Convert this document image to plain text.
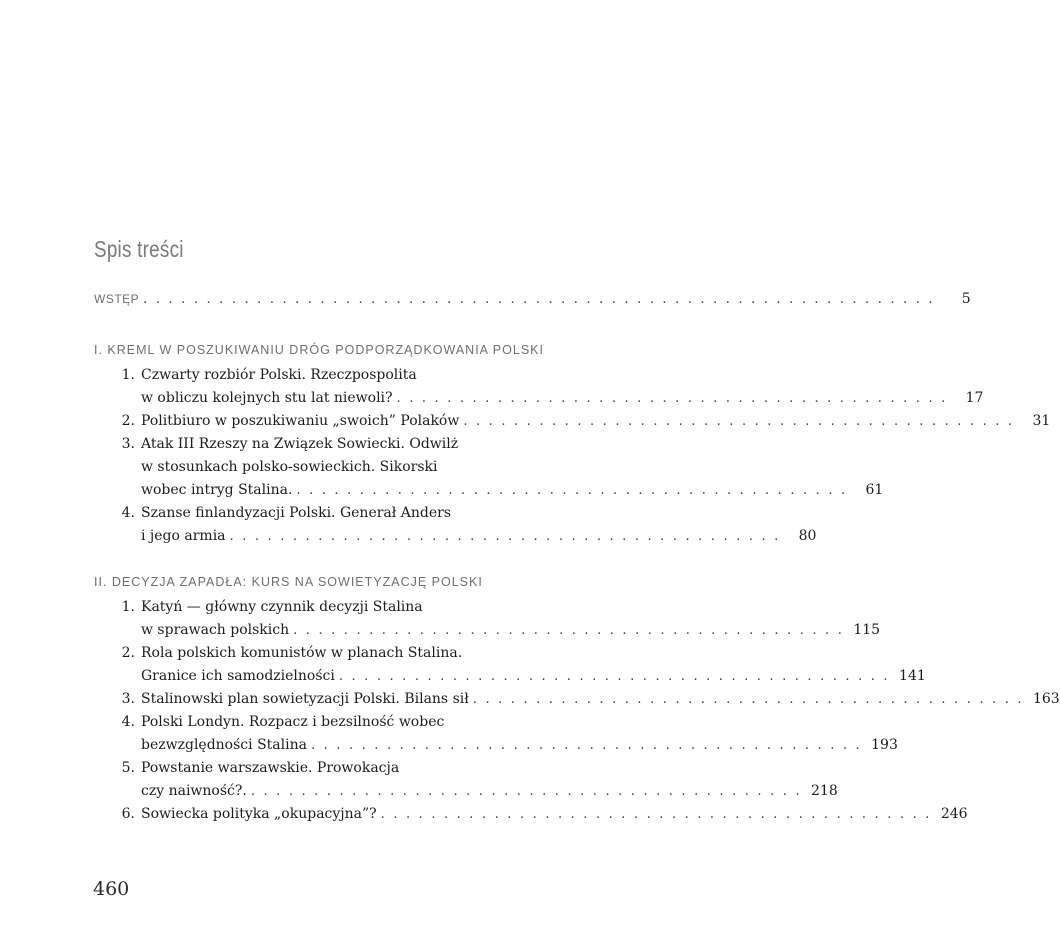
Spis treści
WSTĘP . . . . . . . . . . . . . . . . . . . . . . . . . . . . . . . . . . . . . . . . . . . . . . . . . . . . . . . . . . . . . . .	5
I. KREML W POSZUKIWANIU DRÓG PODPORZĄDKOWANIA POLSKI
1. Czwarty rozbiór Polski. Rzeczpospolita
w obliczu kolejnych stu lat niewoli? . . . . . . . . . . . . . . . . . . . . . . . . . . . . . . . . . . . . . . . . . . . .	17
2. Politbiuro w poszukiwaniu „swoich” Polaków . . . . . . . . . . . . . . . . . . . . . . . . . . . . . . . . . . . . . . . . . . . .	31
3. Atak III Rzeszy na Związek Sowiecki. Odwilż
w stosunkach polsko-sowieckich. Sikorski
wobec intryg Stalina. . . . . . . . . . . . . . . . . . . . . . . . . . . . . . . . . . . . . . . . . . . . .	61
4. Szanse finlandyzacji Polski. Generał Anders
i jego armia . . . . . . . . . . . . . . . . . . . . . . . . . . . . . . . . . . . . . . . . . . . .	80
II. DECYZJA ZAPADŁA: KURS NA SOWIETYZACJĘ POLSKI
1. Katyń — główny czynnik decyzji Stalina
w sprawach polskich . . . . . . . . . . . . . . . . . . . . . . . . . . . . . . . . . . . . . . . . . . . . 115
2. Rola polskich komunistów w planach Stalina.
Granice ich samodzielności . . . . . . . . . . . . . . . . . . . . . . . . . . . . . . . . . . . . . . . . . . . . 141
3. Stalinowski plan sowietyzacji Polski. Bilans sił . . . . . . . . . . . . . . . . . . . . . . . . . . . . . . . . . . . . . . . . . . . . 163
4. Polski Londyn. Rozpacz i bezsilność wobec
bezwzględności Stalina . . . . . . . . . . . . . . . . . . . . . . . . . . . . . . . . . . . . . . . . . . . . 193
5. Powstanie warszawskie. Prowokacja
czy naiwność?. . . . . . . . . . . . . . . . . . . . . . . . . . . . . . . . . . . . . . . . . . . . . 218
6. Sowiecka polityka „okupacyjna”? . . . . . . . . . . . . . . . . . . . . . . . . . . . . . . . . . . . . . . . . . . . . 246
460
